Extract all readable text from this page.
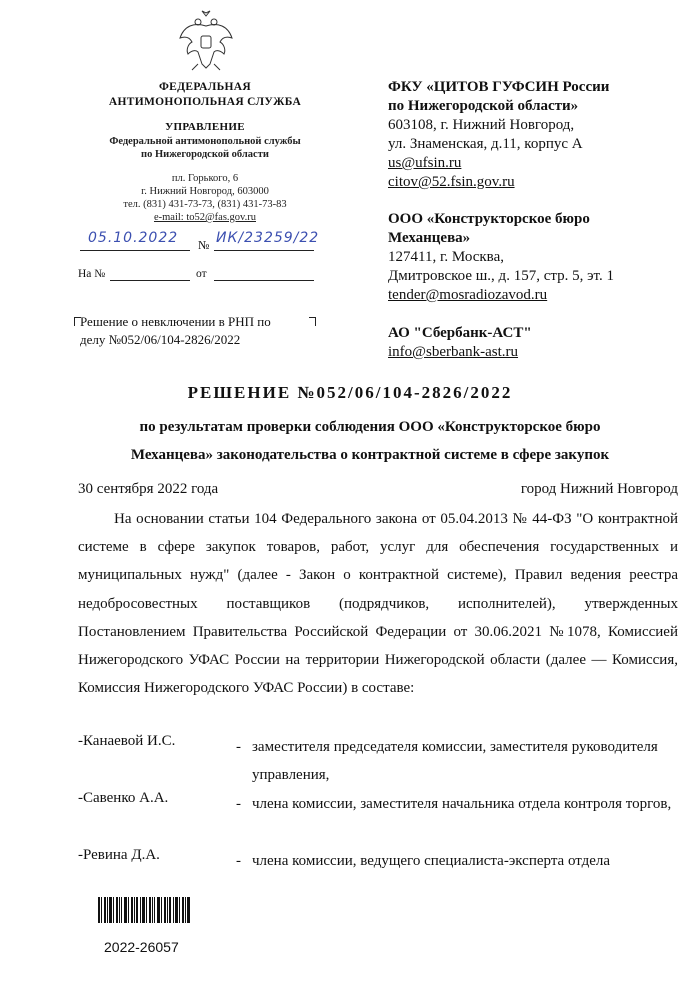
ФЕДЕРАЛЬНАЯ
АНТИМОНОПОЛЬНАЯ СЛУЖБА
УПРАВЛЕНИЕ
Федеральной антимонопольной службы
по Нижегородской области
пл. Горького, 6
г. Нижний Новгород, 603000
тел. (831) 431-73-73, (831) 431-73-83
e-mail: to52@fas.gov.ru
05.10.2022 № ИК/23259/22
На №	от
Решение о невключении в РНП по
делу №052/06/104-2826/2022
ФКУ «ЦИТОВ ГУФСИН России
по Нижегородской области»
603108, г. Нижний Новгород,
ул. Знаменская, д.11, корпус А
us@ufsin.ru
citov@52.fsin.gov.ru
ООО «Конструкторское бюро
Механцева»
127411, г. Москва,
Дмитровское ш., д. 157, стр. 5, эт. 1
tender@mosradiozavod.ru
АО "Сбербанк-АСТ"
info@sberbank-ast.ru
РЕШЕНИЕ №052/06/104-2826/2022
по результатам проверки соблюдения ООО «Конструкторское бюро
Механцева» законодательства о контрактной системе в сфере закупок
30 сентября 2022 года	город Нижний Новгород

На основании статьи 104 Федерального закона от 05.04.2013 № 44-ФЗ "О контрактной системе в сфере закупок товаров, работ, услуг для обеспечения государственных и муниципальных нужд" (далее - Закон о контрактной системе), Правил ведения реестра недобросовестных поставщиков (подрядчиков, исполнителей), утвержденных Постановлением Правительства Российской Федерации от 30.06.2021 №1078, Комиссией Нижегородского УФАС России на территории Нижегородской области (далее — Комиссия, Комиссия Нижегородского УФАС России) в составе:

-Канаевой И.С.	- заместителя председателя комиссии, заместителя руководителя управления,
-Савенко А.А.	- члена комиссии, заместителя начальника отдела контроля торгов,
-Ревина Д.А.	- члена комиссии, ведущего специалиста-эксперта отдела
2022-26057
